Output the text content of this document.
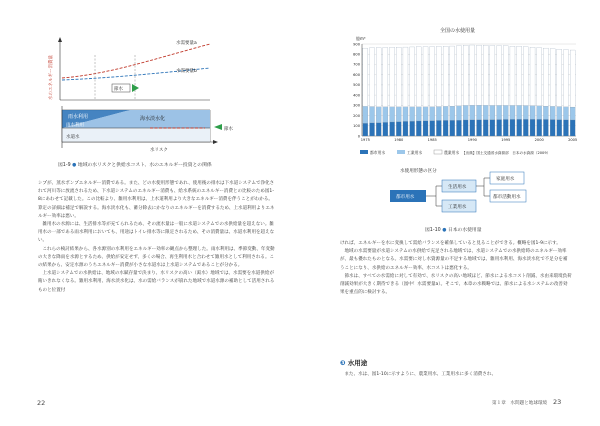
水のエネルギー消費量
水需要量a
水需要量b
節水
雨水利用	海水淡水化
雨水利用
水道水
節水
水リスク
図1-9 ● 地域の水リスクと供給水コスト、水のエネルギー投資との関係

シプが、蒸水ポンプエネルギー消費である。また、どの水使用形態であれ、使用後の排水は下水道システムで浄化されて河川等に放流されるため、下水道システムのエネルギー消費も、給水系統のエネルギー消費との比較のため図1-8にあわせて記載した。この比較より、雑用水利用は、上水道利用より大きなエネルギー消費を伴うことがわかる。算定の詳細は補足で解説する。海水淡水化も、蓄分除去にかなりのエネルギーを消費するため、上水道利用よりエネルギー効率は悪い。

雑用水の水源には、生活排水等が充てられるため、その流水量は一般に水道システムでの水供給量を超えない。雑用水の一部である雨水利用においても、用途はトイレ排水等に限定されるため、その消費量は、水道水利用を超えない。

これらの検討結果から、各水源別の水利用をエネルギー効率の観点から整理した。雨水利用は、季節変動、年変動の大きな降雨を水源とするため、供給が安定せず、多くの場合、再生利用水と合わせて雑用水として利用される。この結果から、安定水源のうちエネルギー消費が小さな水道水は上水道システムであることが分かる。

上水道システムでの水供給は、地域の水賦存量で決まり、水リスクの高い（渇水）地域では、水需要を水道供給が賄いきれなくなる。雑用水利用、海水淡水化は、水の需給バランスが崩れた地域で水道水源の補助として活用されるものと位置付

22
全国の水使用量
億m³
1975	1980	1985	1990	1995	2000	2005
0
100
200
300
400
500
600
700
800
900
都市用水	工業用水	農業用水 【出典】国土交通省水資源部　日本の水資源（2009）
水使用形態の区分
都市用水
生活用水
工業用水
家庭用水
都市活動用水
図1-10 ● 日本の水使用量

ければ、エネルギーを水に変換して需給バランスを確保していると見ることができる。概略を図1-9に示す。

地域の水需要量が水道システムの水供給で充足される地域では、水道システムでの水供給時のエネルギー効率が、最も優れたものとなる。水需要に対し水資源量の不足する地域では、雑用水利用、海水淡水化で不足分を補うことになり、水供給のエネルギー効率、水コストは悪化する。

節水は、すべての水需給に対して有効で、水リスクの高い地域ほど、節水による水コスト削減、水由来環境負荷削減効果が大きく期待できる（図中！水需要量a）。そこで、本章の水戦略では、節水による水システムの改善効果を重点的に検討する。

❸ 水用途

また、水は、図1-10に示すように、農業用水、工業用水に多く消費され、

第１章　水問題と地球環境 23
